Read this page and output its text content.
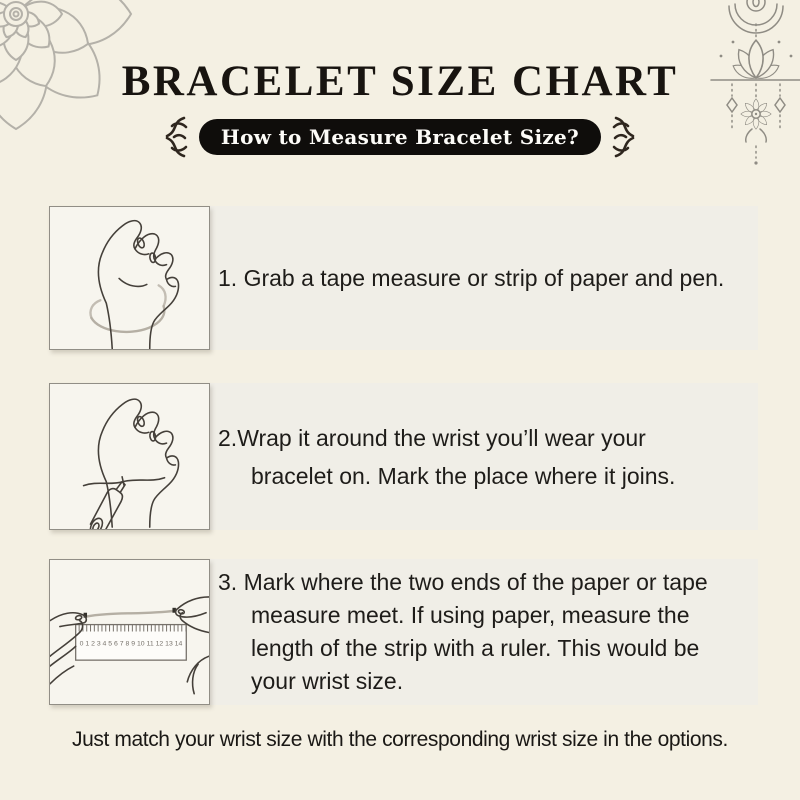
BRACELET SIZE CHART
How to Measure Bracelet Size?
1. Grab a tape measure or strip of paper and pen.
2.Wrap it around the wrist you’ll wear your bracelet on. Mark the place where it joins.
0 1 2 3 4 5 6 7 8 9 10 11 12 13 14
3. Mark where the two ends of the paper or tape measure meet. If using paper, measure the length of the strip with a ruler. This would be your wrist size.
Just match your wrist size with the corresponding wrist size in the options.
